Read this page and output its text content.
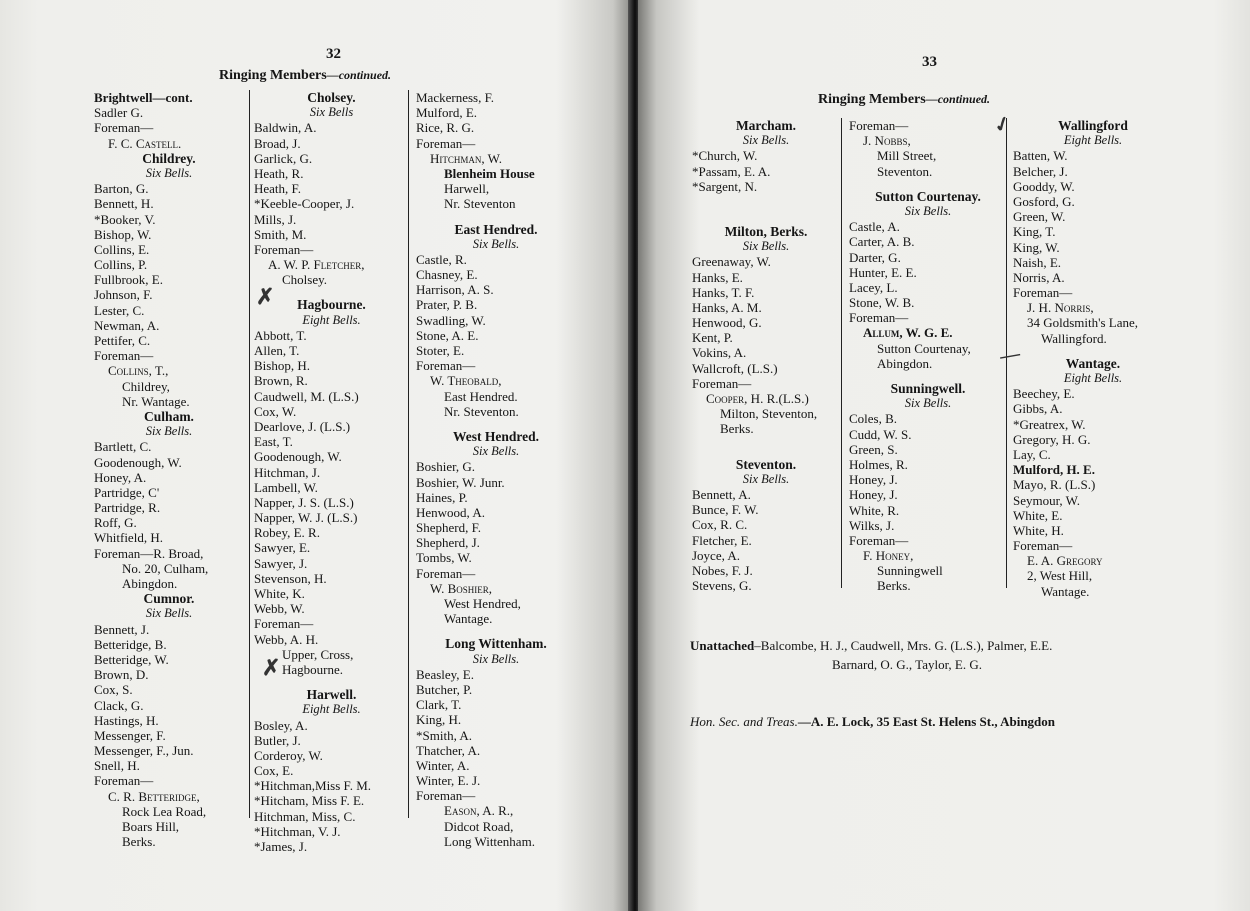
32
Ringing Members—continued.
Brightwell—cont.
Sadler G.
Foreman—
F. C. Castell.
Childrey.
Six Bells.
Barton, G.
Bennett, H.
*Booker, V.
Bishop, W.
Collins, E.
Collins, P.
Fullbrook, E.
Johnson, F.
Lester, C.
Newman, A.
Pettifer, C.
Foreman—
Collins, T.,
Childrey,
Nr. Wantage.
Culham.
Six Bells.
Bartlett, C.
Goodenough, W.
Honey, A.
Partridge, C'
Partridge, R.
Roff, G.
Whitfield, H.
Foreman—R. Broad,
No. 20, Culham,
Abingdon.
Cumnor.
Six Bells.
Bennett, J.
Betteridge, B.
Betteridge, W.
Brown, D.
Cox, S.
Clack, G.
Hastings, H.
Messenger, F.
Messenger, F., Jun.
Snell, H.
Foreman—
C. R. Betteridge,
Rock Lea Road,
Boars Hill,
Berks.
Cholsey.
Six Bells
Baldwin, A.
Broad, J.
Garlick, G.
Heath, R.
Heath, F.
*Keeble-Cooper, J.
Mills, J.
Smith, M.
Foreman—
A. W. P. Fletcher,
Cholsey.
Hagbourne.
Eight Bells.
Abbott, T.
Allen, T.
Bishop, H.
Brown, R.
Caudwell, M. (L.S.)
Cox, W.
Dearlove, J. (L.S.)
East, T.
Goodenough, W.
Hitchman, J.
Lambell, W.
Napper, J. S. (L.S.)
Napper, W. J. (L.S.)
Robey, E. R.
Sawyer, E.
Sawyer, J.
Stevenson, H.
White, K.
Webb, W.
Foreman—
Webb, A. H.
Upper, Cross,
Hagbourne.
Harwell.
Eight Bells.
Bosley, A.
Butler, J.
Corderoy, W.
Cox, E.
*Hitchman,Miss F. M.
*Hitcham, Miss F. E.
Hitchman, Miss, C.
*Hitchman, V. J.
*James, J.
Mackerness, F.
Mulford, E.
Rice, R. G.
Foreman—
Hitchman, W.
Blenheim House
Harwell,
Nr. Steventon
East Hendred.
Six Bells.
Castle, R.
Chasney, E.
Harrison, A. S.
Prater, P. B.
Swadling, W.
Stone, A. E.
Stoter, E.
Foreman—
W. Theobald,
East Hendred.
Nr. Steventon.
West Hendred.
Six Bells.
Boshier, G.
Boshier, W. Junr.
Haines, P.
Henwood, A.
Shepherd, F.
Shepherd, J.
Tombs, W.
Foreman—
W. Boshier,
West Hendred,
Wantage.
Long Wittenham.
Six Bells.
Beasley, E.
Butcher, P.
Clark, T.
King, H.
*Smith, A.
Thatcher, A.
Winter, A.
Winter, E. J.
Foreman—
Eason, A. R.,
Didcot Road,
Long Wittenham.
✗
✗
33
Ringing Members—continued.
Marcham.
Six Bells.
*Church, W.
*Passam, E. A.
*Sargent, N.
Milton, Berks.
Six Bells.
Greenaway, W.
Hanks, E.
Hanks, T. F.
Hanks, A. M.
Henwood, G.
Kent, P.
Vokins, A.
Wallcroft, (L.S.)
Foreman—
Cooper, H. R.(L.S.)
Milton, Steventon,
Berks.
Steventon.
Six Bells.
Bennett, A.
Bunce, F. W.
Cox, R. C.
Fletcher, E.
Joyce, A.
Nobes, F. J.
Stevens, G.
Foreman—
J. Nobbs,
Mill Street,
Steventon.
Sutton Courtenay.
Six Bells.
Castle, A.
Carter, A. B.
Darter, G.
Hunter, E. E.
Lacey, L.
Stone, W. B.
Foreman—
Allum, W. G. E.
Sutton Courtenay,
Abingdon.
Sunningwell.
Six Bells.
Coles, B.
Cudd, W. S.
Green, S.
Holmes, R.
Honey, J.
Honey, J.
White, R.
Wilks, J.
Foreman—
F. Honey,
Sunningwell
Berks.
Wallingford
Eight Bells.
Batten, W.
Belcher, J.
Gooddy, W.
Gosford, G.
Green, W.
King, T.
King, W.
Naish, E.
Norris, A.
Foreman—
J. H. Norris,
34 Goldsmith's Lane,
Wallingford.
Wantage.
Eight Bells.
Beechey, E.
Gibbs, A.
*Greatrex, W.
Gregory, H. G.
Lay, C.
Mulford, H. E.
Mayo, R. (L.S.)
Seymour, W.
White, E.
White, H.
Foreman—
E. A. Gregory
2, West Hill,
Wantage.
✓
—
Unattached–Balcombe, H. J., Caudwell, Mrs. G. (L.S.), Palmer, E.E.
Barnard, O. G., Taylor, E. G.
Hon. Sec. and Treas.—A. E. Lock, 35 East St. Helens St., Abingdon
